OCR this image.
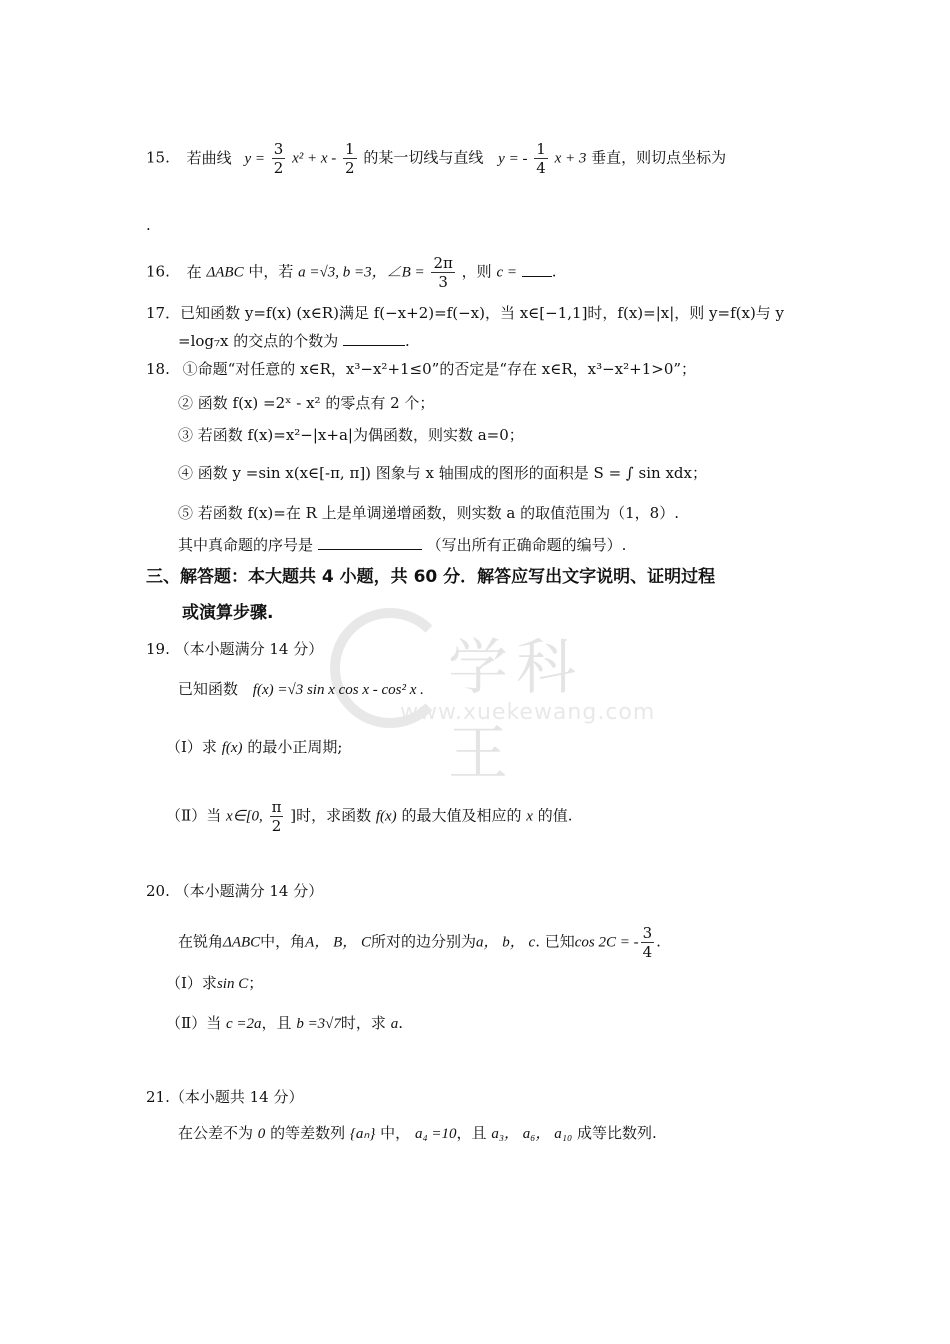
15. 若曲线 $y = \frac{3}{2} x^2 + x - \frac{1}{2}$ 的某一切线与直线 y = - $\frac{1}{4}$ x + 3 垂直，则切点坐标为
.
16. 在 ΔABC 中，若 a =√3, b =3，∠B = $\frac{2\pi}{3}$ ，则 c = .
17．已知函数 y=f(x) (x∈R)满足 f(−x+2)=f(−x)，当 x∈[−1,1]时，f(x)=|x|，则 y=f(x)与 y
=log₇x 的交点的个数为	.
18. ①命题“对任意的 x∈R，x³−x²+1≤0”的否定是“存在 x∈R，x³−x²+1>0”；
② 函数 f(x) =2ˣ - x² 的零点有 2 个；
③ 若函数 f(x)=x²−|x+a|为偶函数，则实数 a=0；
④ 函数 y =sin x(x∈[-π, π]) 图象与 x 轴围成的图形的面积是 S = ∫ sin xdx；
⑤ 若函数 f(x)=在 R 上是单调递增函数，则实数 a 的取值范围为（1，8）.
其中真命题的序号是	（写出所有正确命题的编号）.
三、解答题：本大题共 4 小题，共 60 分．解答应写出文字说明、证明过程
或演算步骤.
学科王
www.xuekewang.com
19. （本小题满分 14 分）
已知函数 f(x) =√3 sin x cos x - cos² x .
（Ⅰ）求 f(x) 的最小正周期;
（Ⅱ）当 x∈[0, $\frac{\pi}{2}$ ]时，求函数 f(x) 的最大值及相应的 x 的值.
20. （本小题满分 14 分）
在锐角ΔABC中，角A， B， C所对的边分别为a， b， c. 已知cos 2C = - $\frac{3}{4}$ .
（Ⅰ）求sin C；
（Ⅱ）当 c =2a，且 b =3√7时，求 a.
21.（本小题共 14 分）
在公差不为 0 的等差数列 {aₙ} 中， a₄ =10，且 a₃， a₆， a₁₀ 成等比数列.
